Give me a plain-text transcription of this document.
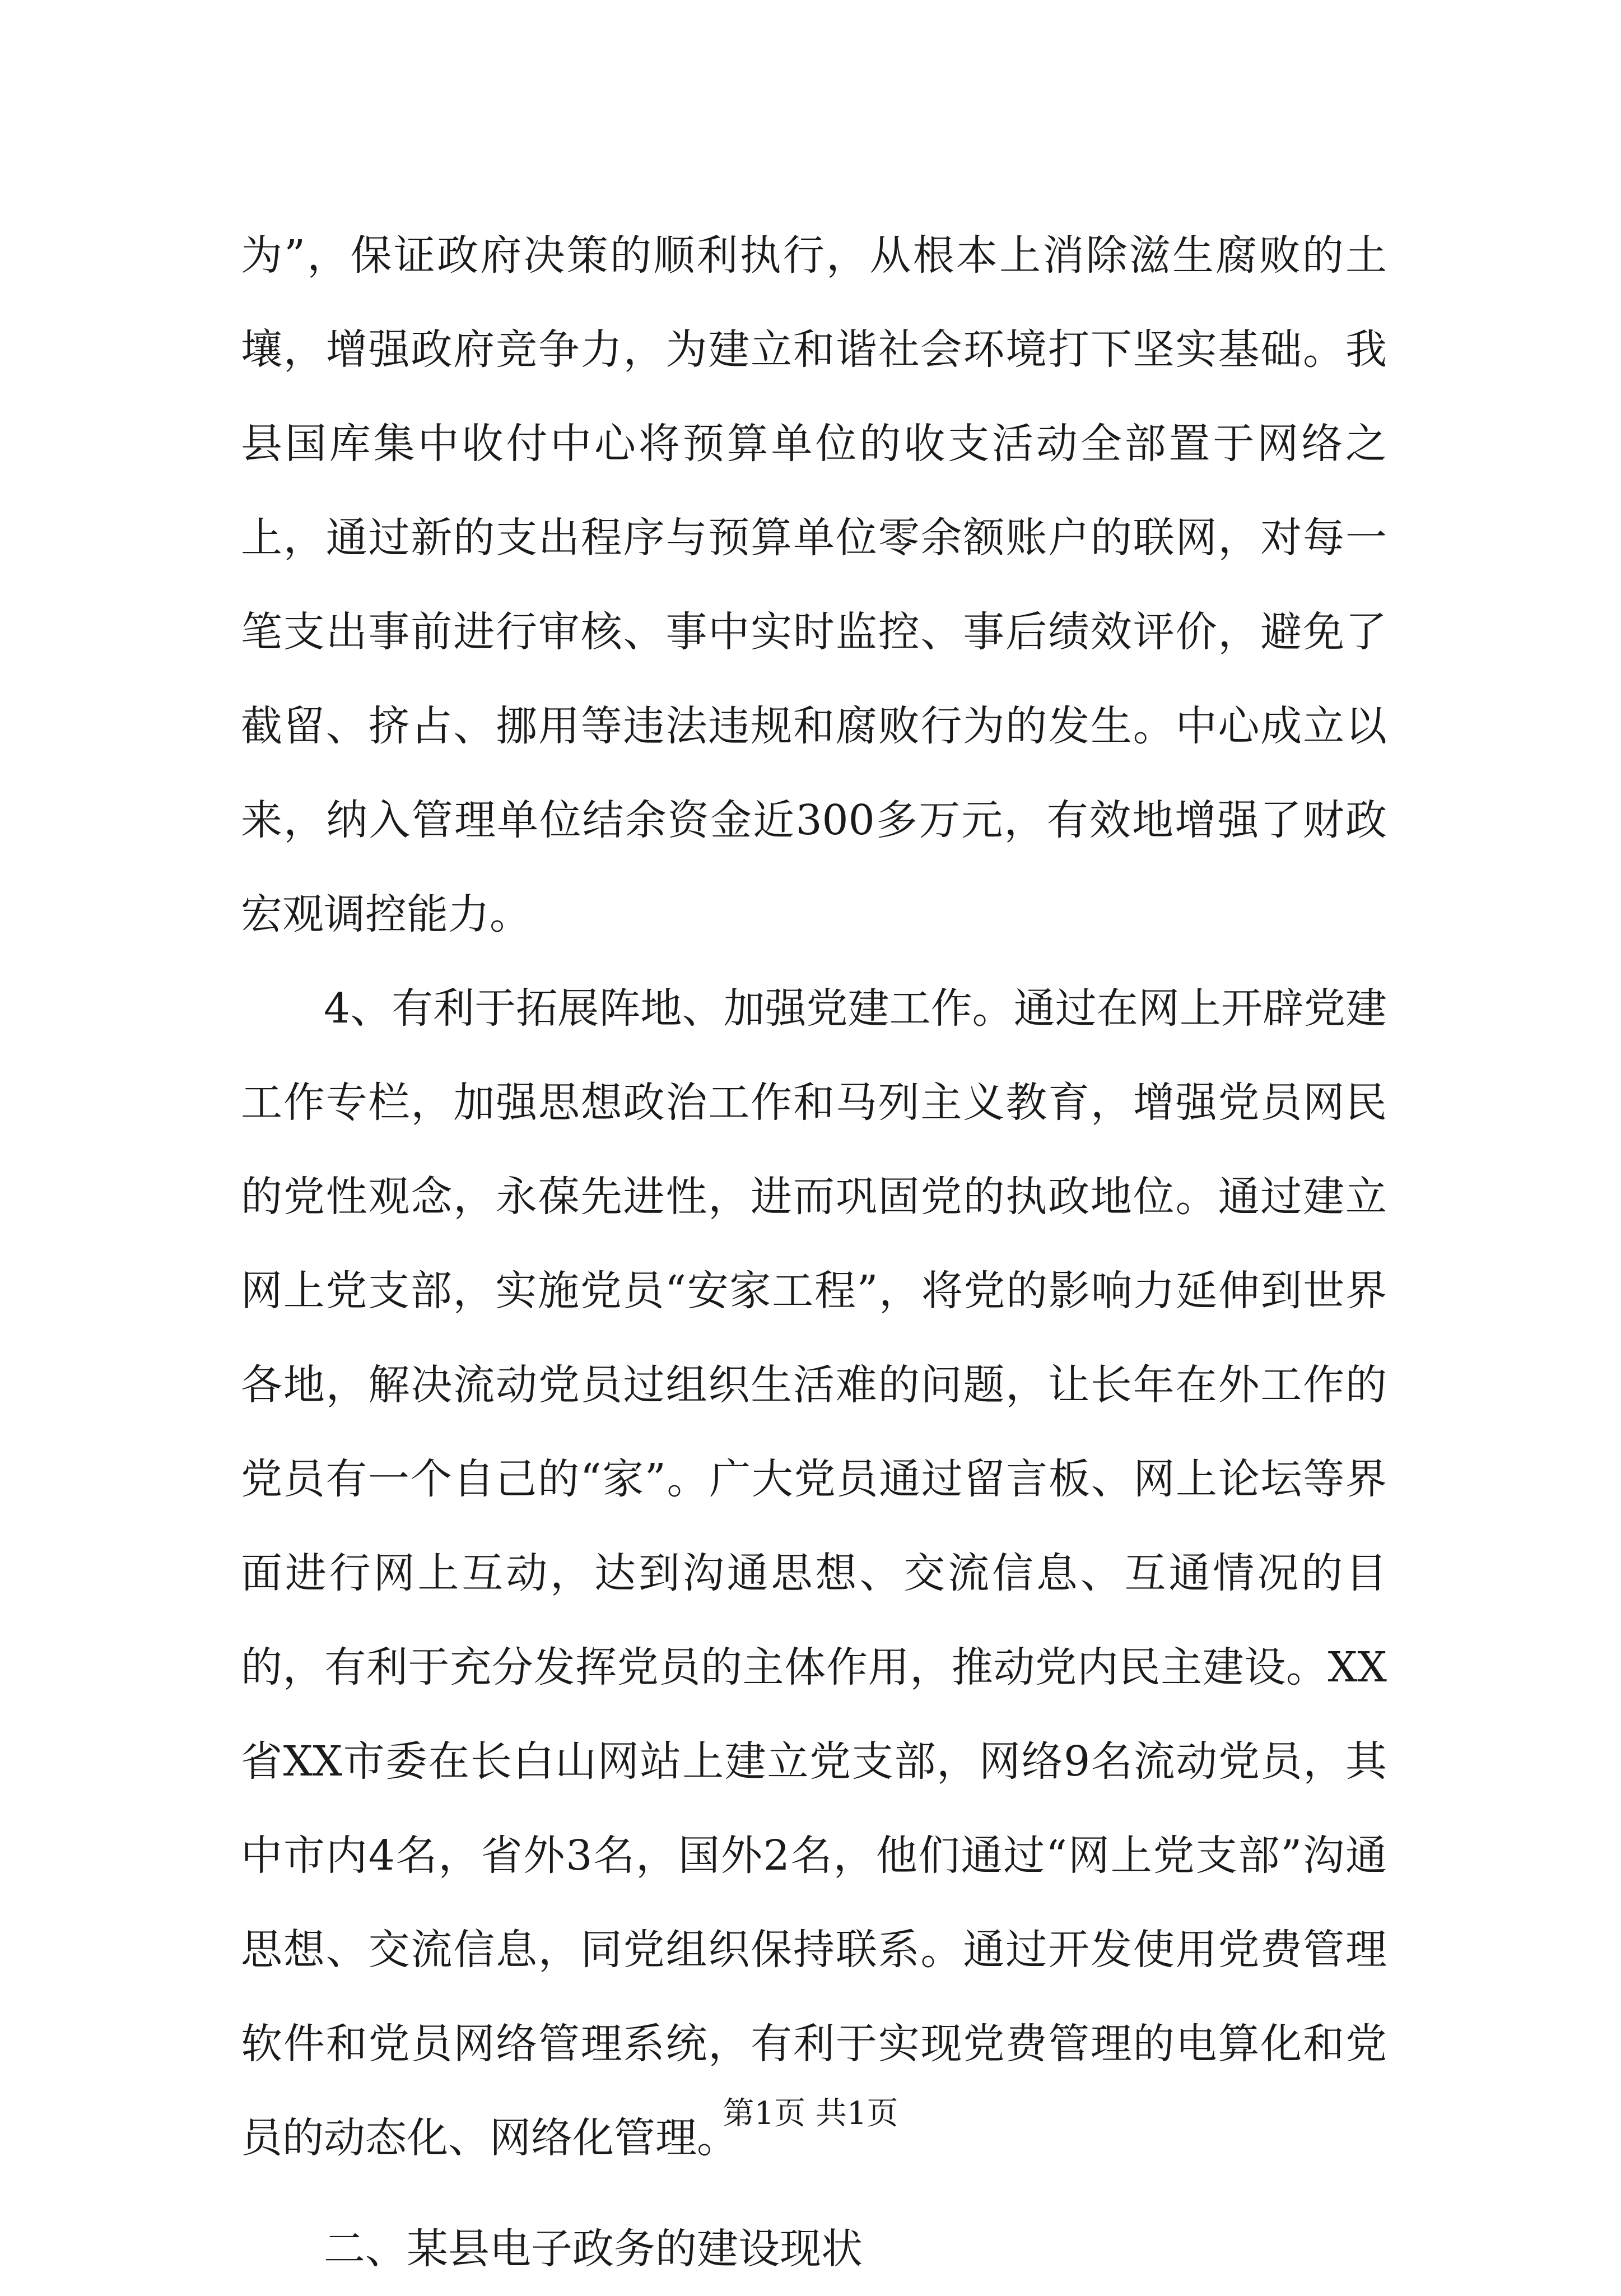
为”，保证政府决策的顺利执行，从根本上消除滋生腐败的土壤，增强政府竞争力，为建立和谐社会环境打下坚实基础。我县国库集中收付中心将预算单位的收支活动全部置于网络之上，通过新的支出程序与预算单位零余额账户的联网，对每一笔支出事前进行审核、事中实时监控、事后绩效评价，避免了截留、挤占、挪用等违法违规和腐败行为的发生。中心成立以来，纳入管理单位结余资金近300多万元，有效地增强了财政宏观调控能力。

4、有利于拓展阵地、加强党建工作。通过在网上开辟党建工作专栏，加强思想政治工作和马列主义教育，增强党员网民的党性观念，永葆先进性，进而巩固党的执政地位。通过建立网上党支部，实施党员“安家工程”，将党的影响力延伸到世界各地，解决流动党员过组织生活难的问题，让长年在外工作的党员有一个自己的“家”。广大党员通过留言板、网上论坛等界面进行网上互动，达到沟通思想、交流信息、互通情况的目的，有利于充分发挥党员的主体作用，推动党内民主建设。XX省XX市委在长白山网站上建立党支部，网络9名流动党员，其中市内4名，省外3名，国外2名，他们通过“网上党支部”沟通思想、交流信息，同党组织保持联系。通过开发使用党费管理软件和党员网络管理系统，有利于实现党费管理的电算化和党员的动态化、网络化管理。

二、某县电子政务的建设现状

第1页 共1页
